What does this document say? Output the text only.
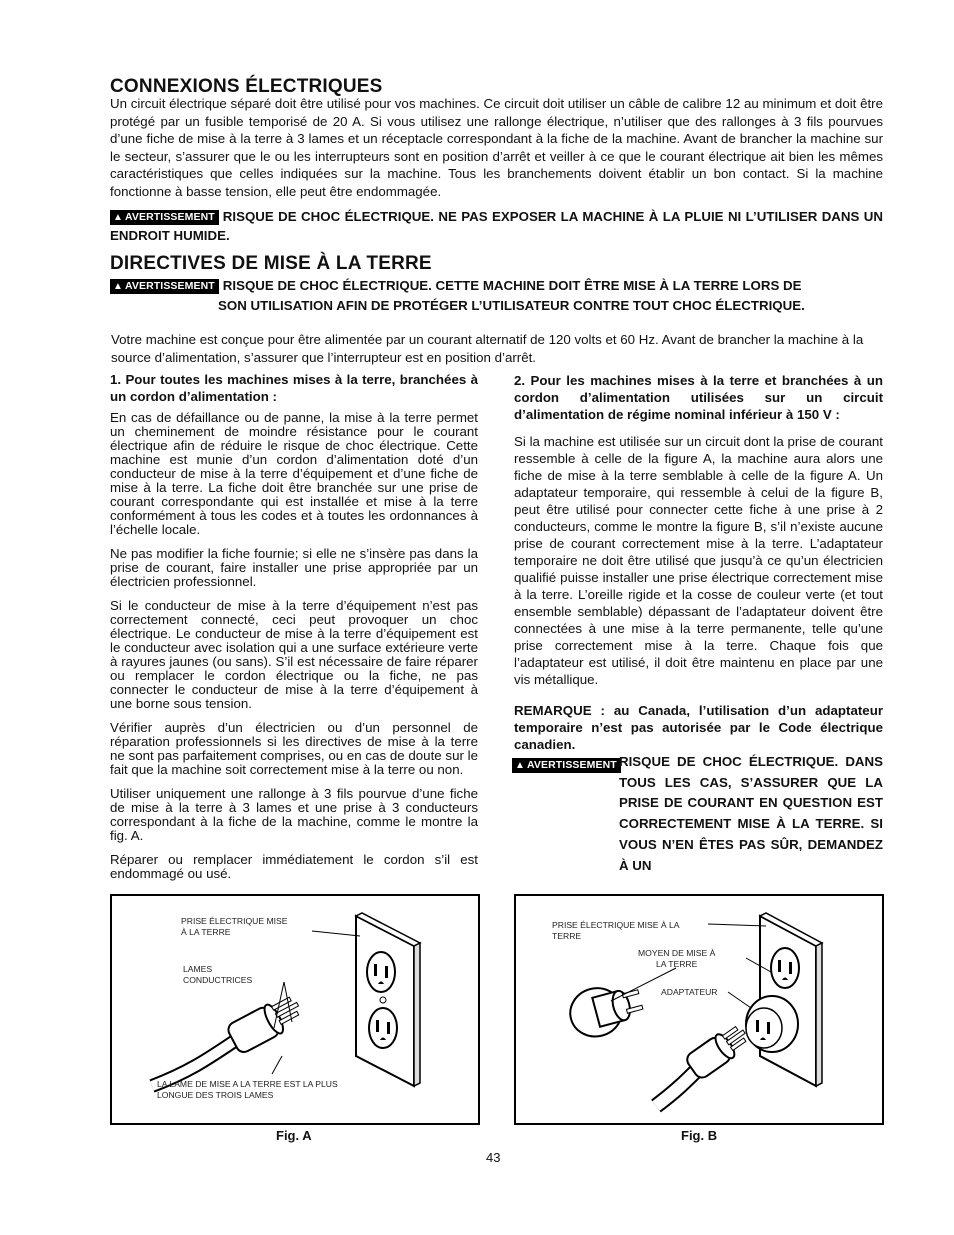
CONNEXIONS ÉLECTRIQUES

Un circuit électrique séparé doit être utilisé pour vos machines. Ce circuit doit utiliser un câble de calibre 12 au minimum et doit être protégé par un fusible temporisé de 20 A. Si vous utilisez une rallonge électrique, n’utiliser que des rallonges à 3 fils pourvues d’une fiche de mise à la terre à 3 lames et un réceptacle correspondant à la fiche de la machine. Avant de brancher la machine sur le secteur, s’assurer que le ou les interrupteurs sont en position d’arrêt et veiller à ce que le courant électrique ait bien les mêmes caractéristiques que celles indiquées sur la machine. Tous les branchements doivent établir un bon contact. Si la machine fonctionne à basse tension, elle peut être endommagée.

▲ AVERTISSEMENT RISQUE DE CHOC ÉLECTRIQUE. NE PAS EXPOSER LA MACHINE À LA PLUIE NI L’UTILISER DANS UN ENDROIT HUMIDE.

DIRECTIVES DE MISE À LA TERRE
▲ AVERTISSEMENT RISQUE DE CHOC ÉLECTRIQUE. CETTE MACHINE DOIT ÊTRE MISE À LA TERRE LORS DE
SON UTILISATION AFIN DE PROTÉGER L’UTILISATEUR CONTRE TOUT CHOC ÉLECTRIQUE.

Votre machine est conçue pour être alimentée par un courant alternatif de 120 volts et 60 Hz. Avant de brancher la machine à la source d’alimentation, s’assurer que l’interrupteur est en position d’arrêt.

1. Pour toutes les machines mises à la terre, branchées à un cordon d’alimentation :

En cas de défaillance ou de panne, la mise à la terre permet un cheminement de moindre résistance pour le courant électrique afin de réduire le risque de choc électrique. Cette machine est munie d’un cordon d’alimentation doté d’un conducteur de mise à la terre d’équipement et d’une fiche de mise à la terre. La fiche doit être branchée sur une prise de courant correspondante qui est installée et mise à la terre conformément à tous les codes et à toutes les ordonnances à l’échelle locale.

Ne pas modifier la fiche fournie; si elle ne s’insère pas dans la prise de courant, faire installer une prise appropriée par un électricien professionnel.

Si le conducteur de mise à la terre d’équipement n’est pas correctement connecté, ceci peut provoquer un choc électrique. Le conducteur de mise à la terre d’équipement est le conducteur avec isolation qui a une surface extérieure verte à rayures jaunes (ou sans). S’il est nécessaire de faire réparer ou remplacer le cordon électrique ou la fiche, ne pas connecter le conducteur de mise à la terre d’équipement à une borne sous tension.

Vérifier auprès d’un électricien ou d’un personnel de réparation professionnels si les directives de mise à la terre ne sont pas parfaitement comprises, ou en cas de doute sur le fait que la machine soit correctement mise à la terre ou non.

Utiliser uniquement une rallonge à 3 fils pourvue d’une fiche de mise à la terre à 3 lames et une prise à 3 conducteurs correspondant à la fiche de la machine, comme le montre la fig. A.

Réparer ou remplacer immédiatement le cordon s’il est endommagé ou usé.

2. Pour les machines mises à la terre et branchées à un cordon d’alimentation utilisées sur un circuit d’alimentation de régime nominal inférieur à 150 V :

Si la machine est utilisée sur un circuit dont la prise de courant ressemble à celle de la figure A, la machine aura alors une fiche de mise à la terre semblable à celle de la figure A. Un adaptateur temporaire, qui ressemble à celui de la figure B, peut être utilisé pour connecter cette fiche à une prise à 2 conducteurs, comme le montre la figure B, s’il n’existe aucune prise de courant correctement mise à la terre. L’adaptateur temporaire ne doit être utilisé que jusqu’à ce qu’un électricien qualifié puisse installer une prise électrique correctement mise à la terre. L’oreille rigide et la cosse de couleur verte (et tout ensemble semblable) dépassant de l’adaptateur doivent être connectées à une mise à la terre permanente, telle qu’une prise correctement mise à la terre. Chaque fois que l’adaptateur est utilisé, il doit être maintenu en place par une vis métallique.

REMARQUE : au Canada, l’utilisation d’un adaptateur temporaire n’est pas autorisée par le Code électrique canadien.

▲ AVERTISSEMENT RISQUE DE CHOC ÉLECTRIQUE. DANS TOUS LES CAS, S’ASSURER QUE LA PRISE DE COURANT EN QUESTION EST CORRECTEMENT MISE À LA TERRE. SI VOUS N’EN ÊTES PAS SÛR, DEMANDEZ À UN
PRISE ÉLECTRIQUE MISE
À LA TERRE
LAMES
CONDUCTRICES
LA LAME DE MISE A LA TERRE EST LA PLUS
LONGUE DES TROIS LAMES
Fig. A
PRISE ÉLECTRIQUE MISE À LA
TERRE
MOYEN DE MISE À
LA TERRE
ADAPTATEUR
Fig. B
43
